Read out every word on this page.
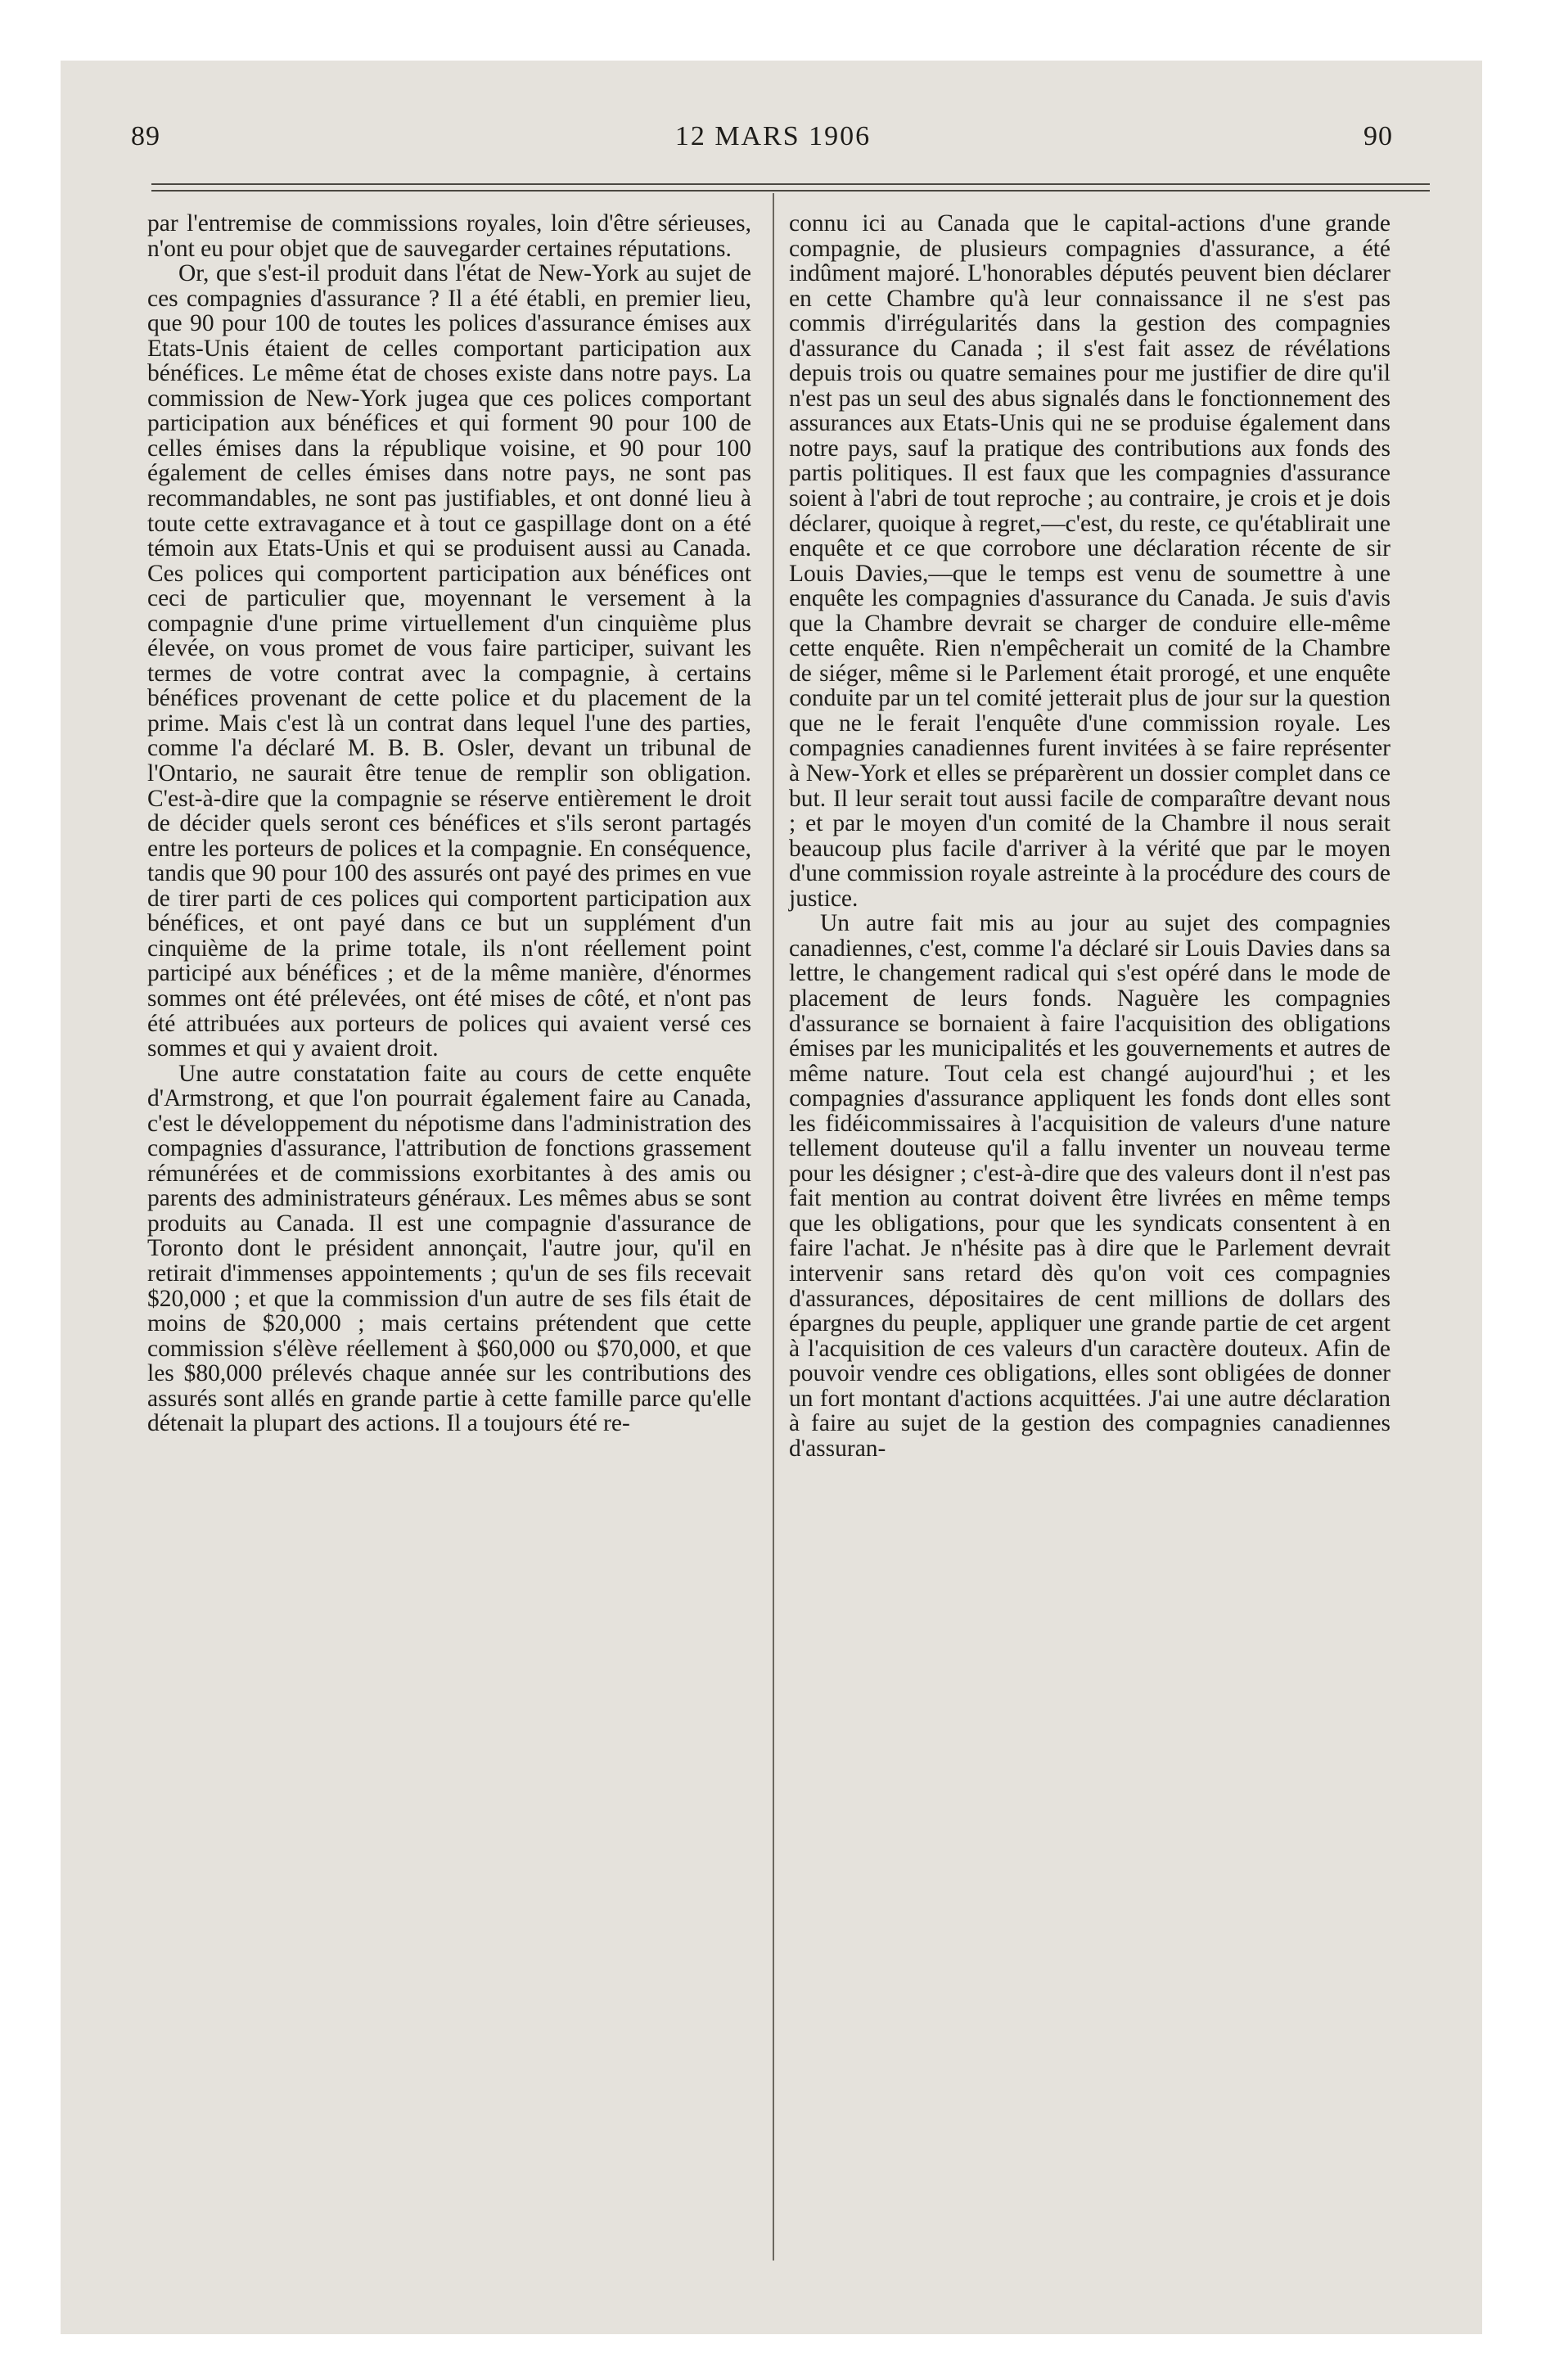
89	12 MARS 1906	90

par l'entremise de commissions royales, loin d'être sérieuses, n'ont eu pour objet que de sauvegarder certaines réputations.

Or, que s'est-il produit dans l'état de New-York au sujet de ces compagnies d'assurance ? Il a été établi, en premier lieu, que 90 pour 100 de toutes les polices d'assurance émises aux Etats-Unis étaient de celles comportant participation aux bénéfices. Le même état de choses existe dans notre pays. La commission de New-York jugea que ces polices comportant participation aux bénéfices et qui forment 90 pour 100 de celles émises dans la république voisine, et 90 pour 100 également de celles émises dans notre pays, ne sont pas recommandables, ne sont pas justifiables, et ont donné lieu à toute cette extravagance et à tout ce gaspillage dont on a été témoin aux Etats-Unis et qui se produisent aussi au Canada. Ces polices qui comportent participation aux bénéfices ont ceci de particulier que, moyennant le versement à la compagnie d'une prime virtuellement d'un cinquième plus élevée, on vous promet de vous faire participer, suivant les termes de votre contrat avec la compagnie, à certains bénéfices provenant de cette police et du placement de la prime. Mais c'est là un contrat dans lequel l'une des parties, comme l'a déclaré M. B. B. Osler, devant un tribunal de l'Ontario, ne saurait être tenue de remplir son obligation. C'est-à-dire que la compagnie se réserve entièrement le droit de décider quels seront ces bénéfices et s'ils seront partagés entre les porteurs de polices et la compagnie. En conséquence, tandis que 90 pour 100 des assurés ont payé des primes en vue de tirer parti de ces polices qui comportent participation aux bénéfices, et ont payé dans ce but un supplément d'un cinquième de la prime totale, ils n'ont réellement point participé aux bénéfices ; et de la même manière, d'énormes sommes ont été prélevées, ont été mises de côté, et n'ont pas été attribuées aux porteurs de polices qui avaient versé ces sommes et qui y avaient droit.

Une autre constatation faite au cours de cette enquête d'Armstrong, et que l'on pourrait également faire au Canada, c'est le développement du népotisme dans l'administration des compagnies d'assurance, l'attribution de fonctions grassement rémunérées et de commissions exorbitantes à des amis ou parents des administrateurs généraux. Les mêmes abus se sont produits au Canada. Il est une compagnie d'assurance de Toronto dont le président annonçait, l'autre jour, qu'il en retirait d'immenses appointements ; qu'un de ses fils recevait $20,000 ; et que la commission d'un autre de ses fils était de moins de $20,000 ; mais certains prétendent que cette commission s'élève réellement à $60,000 ou $70,000, et que les $80,000 prélevés chaque année sur les contributions des assurés sont allés en grande partie à cette famille parce qu'elle détenait la plupart des actions. Il a toujours été re-

connu ici au Canada que le capital-actions d'une grande compagnie, de plusieurs compagnies d'assurance, a été indûment majoré. L'honorables députés peuvent bien déclarer en cette Chambre qu'à leur connaissance il ne s'est pas commis d'irrégularités dans la gestion des compagnies d'assurance du Canada ; il s'est fait assez de révélations depuis trois ou quatre semaines pour me justifier de dire qu'il n'est pas un seul des abus signalés dans le fonctionnement des assurances aux Etats-Unis qui ne se produise également dans notre pays, sauf la pratique des contributions aux fonds des partis politiques. Il est faux que les compagnies d'assurance soient à l'abri de tout reproche ; au contraire, je crois et je dois déclarer, quoique à regret,—c'est, du reste, ce qu'établirait une enquête et ce que corrobore une déclaration récente de sir Louis Davies,—que le temps est venu de soumettre à une enquête les compagnies d'assurance du Canada. Je suis d'avis que la Chambre devrait se charger de conduire elle-même cette enquête. Rien n'empêcherait un comité de la Chambre de siéger, même si le Parlement était prorogé, et une enquête conduite par un tel comité jetterait plus de jour sur la question que ne le ferait l'enquête d'une commission royale. Les compagnies canadiennes furent invitées à se faire représenter à New-York et elles se préparèrent un dossier complet dans ce but. Il leur serait tout aussi facile de comparaître devant nous ; et par le moyen d'un comité de la Chambre il nous serait beaucoup plus facile d'arriver à la vérité que par le moyen d'une commission royale astreinte à la procédure des cours de justice.

Un autre fait mis au jour au sujet des compagnies canadiennes, c'est, comme l'a déclaré sir Louis Davies dans sa lettre, le changement radical qui s'est opéré dans le mode de placement de leurs fonds. Naguère les compagnies d'assurance se bornaient à faire l'acquisition des obligations émises par les municipalités et les gouvernements et autres de même nature. Tout cela est changé aujourd'hui ; et les compagnies d'assurance appliquent les fonds dont elles sont les fidéicommissaires à l'acquisition de valeurs d'une nature tellement douteuse qu'il a fallu inventer un nouveau terme pour les désigner ; c'est-à-dire que des valeurs dont il n'est pas fait mention au contrat doivent être livrées en même temps que les obligations, pour que les syndicats consentent à en faire l'achat. Je n'hésite pas à dire que le Parlement devrait intervenir sans retard dès qu'on voit ces compagnies d'assurances, dépositaires de cent millions de dollars des épargnes du peuple, appliquer une grande partie de cet argent à l'acquisition de ces valeurs d'un caractère douteux. Afin de pouvoir vendre ces obligations, elles sont obligées de donner un fort montant d'actions acquittées. J'ai une autre déclaration à faire au sujet de la gestion des compagnies canadiennes d'assuran-
